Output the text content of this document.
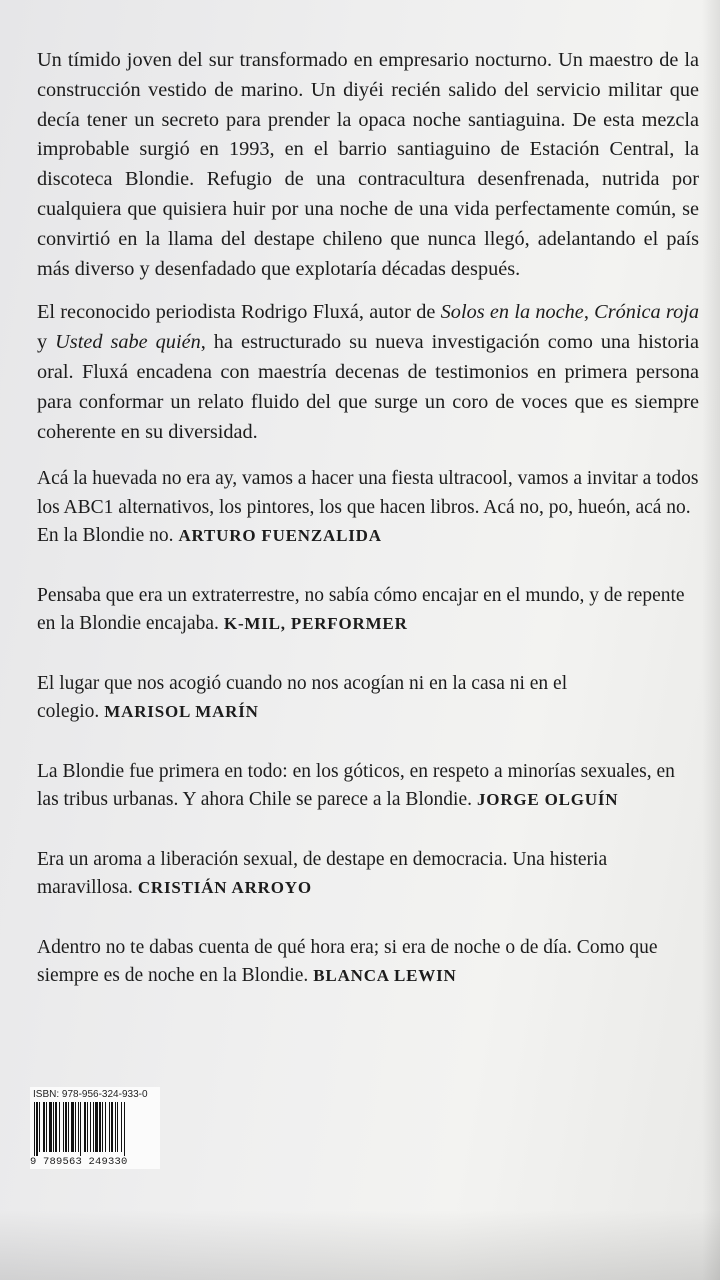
Un tímido joven del sur transformado en empresario nocturno. Un maestro de la construcción vestido de marino. Un diyéi recién salido del servicio militar que decía tener un secreto para prender la opaca noche santiaguina. De esta mezcla improbable surgió en 1993, en el barrio santiaguino de Estación Central, la discoteca Blondie. Refugio de una contracultura desenfrenada, nutrida por cualquiera que quisiera huir por una noche de una vida perfectamente común, se convirtió en la llama del destape chileno que nunca llegó, adelantando el país más diverso y desenfadado que explotaría décadas después.

El reconocido periodista Rodrigo Fluxá, autor de Solos en la noche, Crónica roja y Usted sabe quién, ha estructurado su nueva investigación como una historia oral. Fluxá encadena con maestría decenas de testimonios en primera persona para conformar un relato fluido del que surge un coro de voces que es siempre coherente en su diversidad.

Acá la huevada no era ay, vamos a hacer una fiesta ultracool, vamos a invitar a todos los ABC1 alternativos, los pintores, los que hacen libros. Acá no, po, hueón, acá no. En la Blondie no. ARTURO FUENZALIDA

Pensaba que era un extraterrestre, no sabía cómo encajar en el mundo, y de repente en la Blondie encajaba. K-MIL, PERFORMER

El lugar que nos acogió cuando no nos acogían ni en la casa ni en el colegio. MARISOL MARÍN

La Blondie fue primera en todo: en los góticos, en respeto a minorías sexuales, en las tribus urbanas. Y ahora Chile se parece a la Blondie. JORGE OLGUÍN

Era un aroma a liberación sexual, de destape en democracia. Una histeria maravillosa. CRISTIÁN ARROYO

Adentro no te dabas cuenta de qué hora era; si era de noche o de día. Como que siempre es de noche en la Blondie. BLANCA LEWIN

ISBN: 978-956-324-933-0
9 789563 249330
